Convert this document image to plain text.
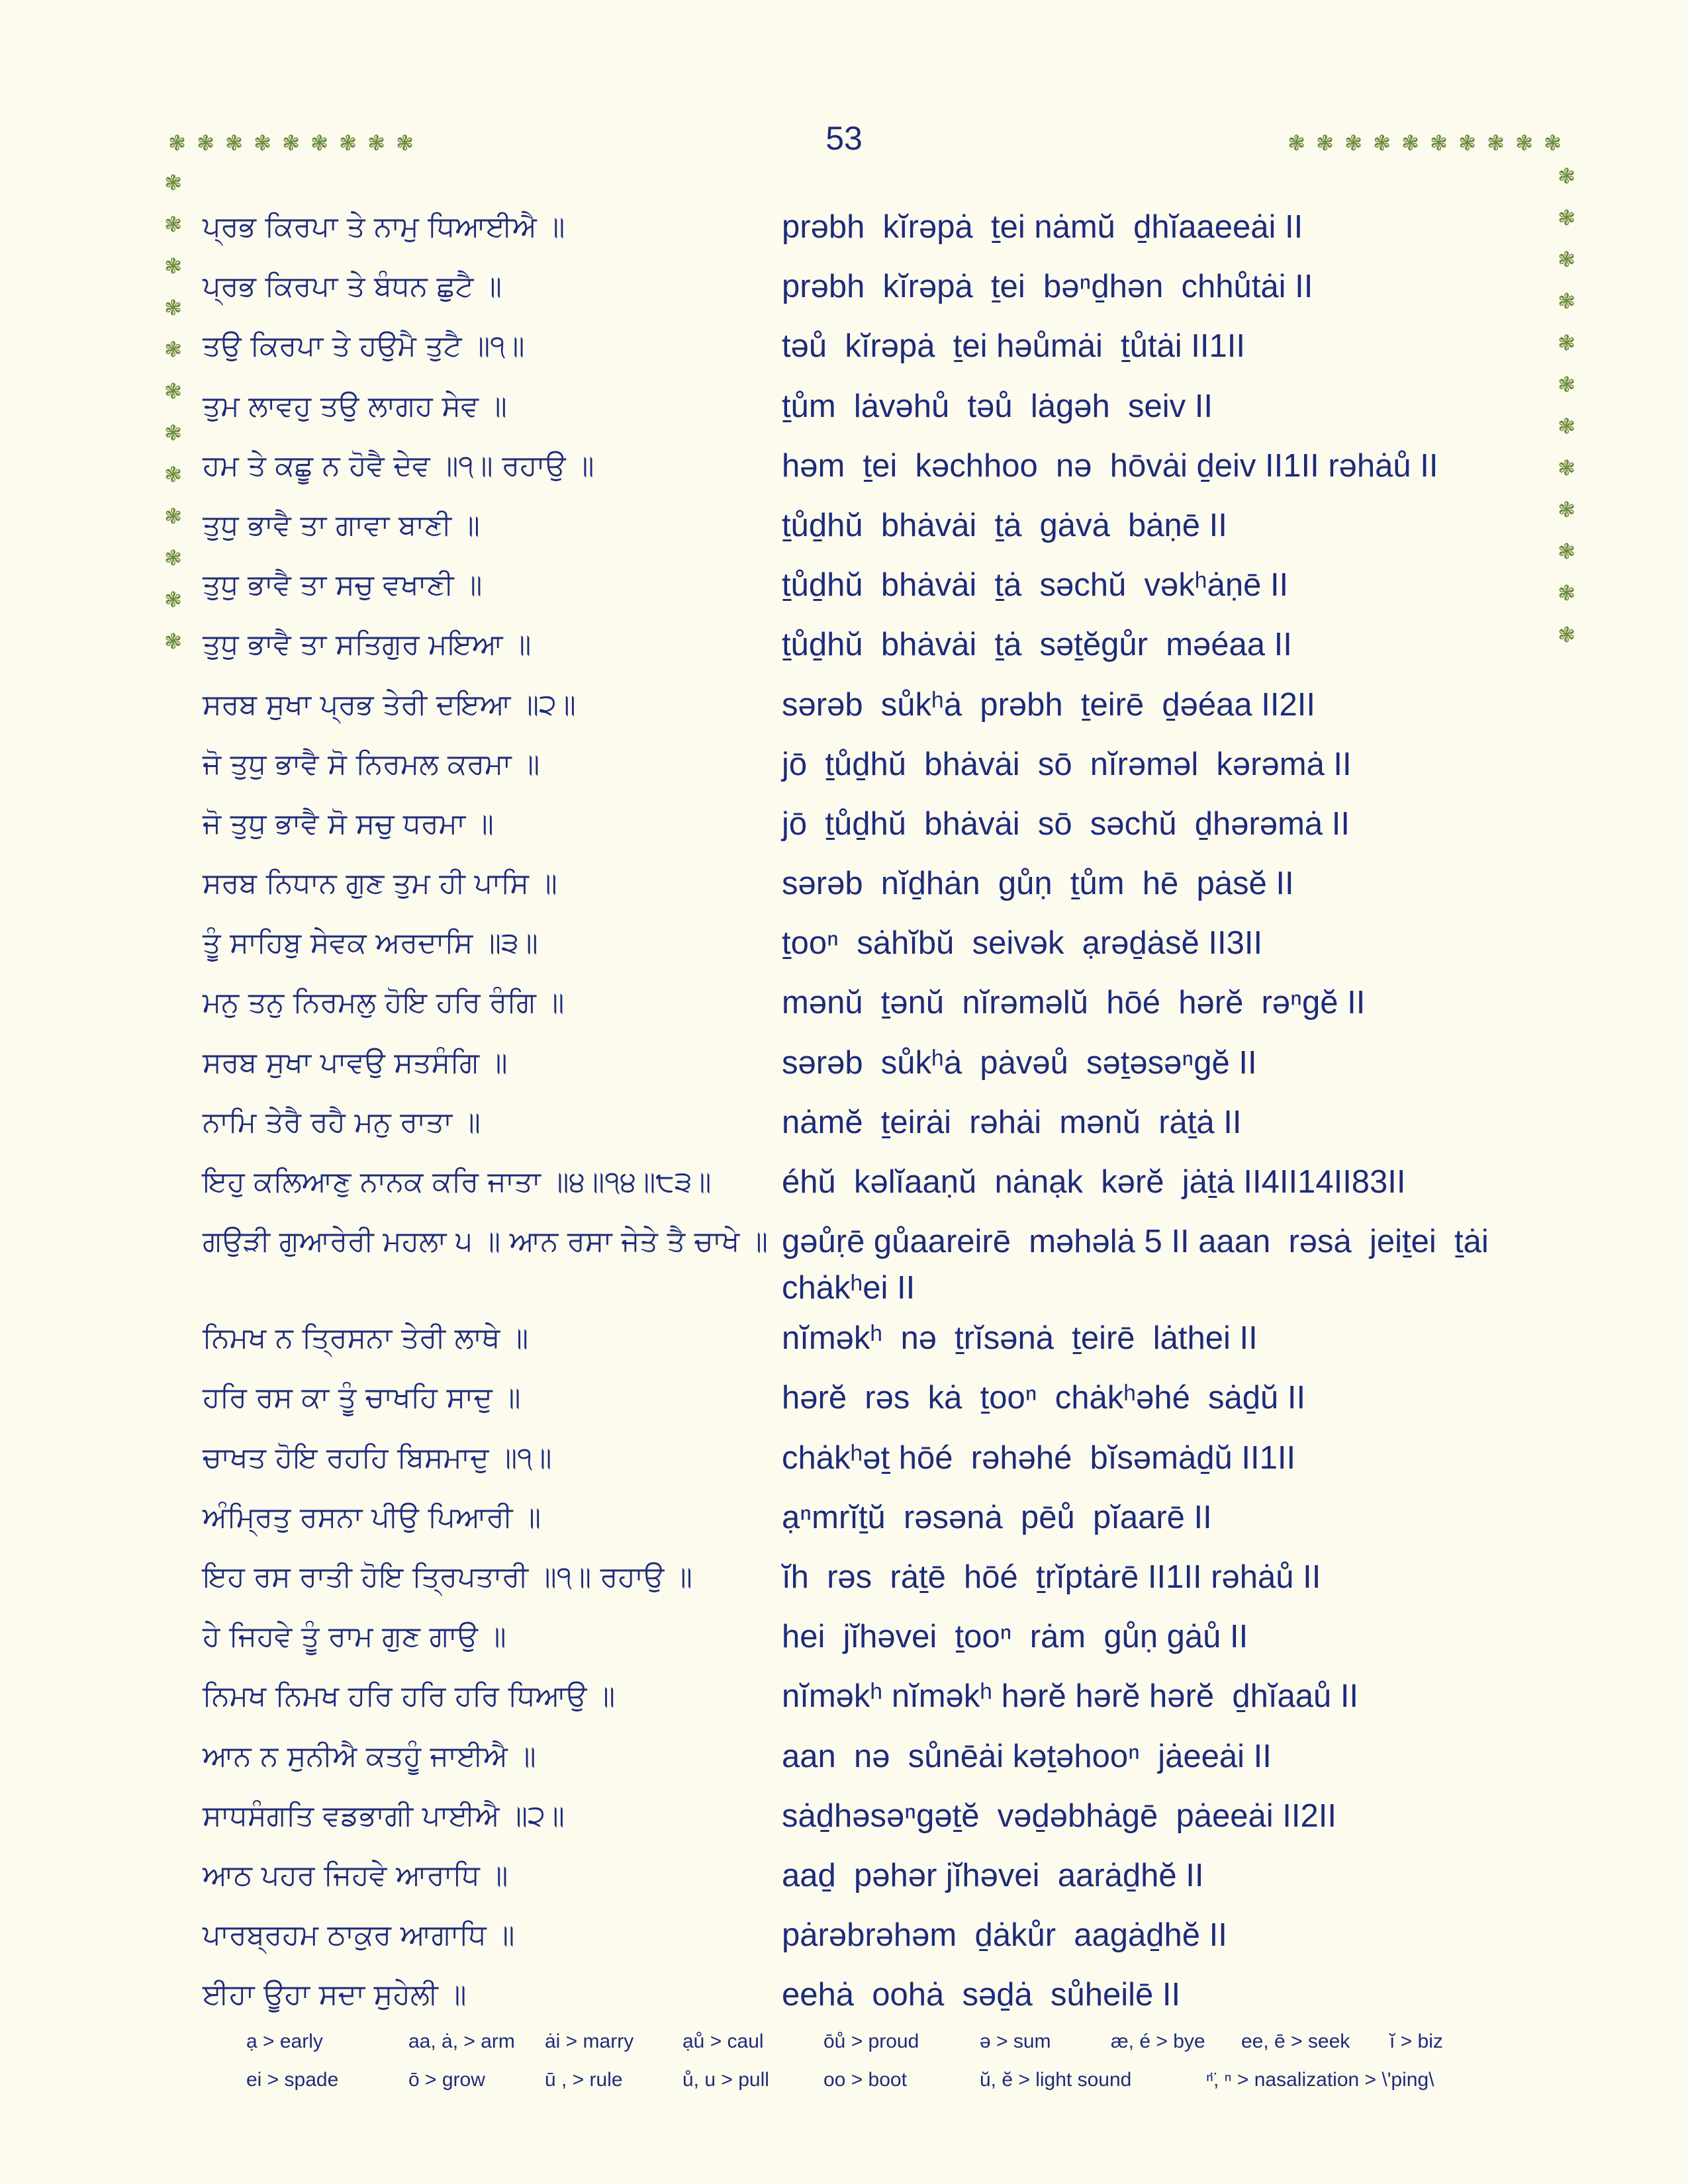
53
❃ ❃ ❃ ❃ ❃ ❃ ❃ ❃ ❃	❃ ❃ ❃ ❃ ❃ ❃ ❃ ❃ ❃ ❃
❃
❃
❃
❃
❃
❃
❃
❃
❃
❃
❃
❃
❃
❃
❃
❃
❃
❃
❃
❃
❃
❃
❃
❃
ਪ੍ਰਭ ਕਿਰਪਾ ਤੇ ਨਾਮੁ ਧਿਆਈਐ ॥	prəbh  kĭrəpȧ  ṯei nȧmŭ  ḏhĭaaeeȧi II
ਪ੍ਰਭ ਕਿਰਪਾ ਤੇ ਬੰਧਨ ਛੁਟੈ ॥	prəbh  kĭrəpȧ  ṯei  bəⁿḏhən  chhůtȧi II
ਤਉ ਕਿਰਪਾ ਤੇ ਹਉਮੈ ਤੁਟੈ ॥੧॥	təů  kĭrəpȧ  ṯei həůmȧi  ṯůtȧi II1II
ਤੁਮ ਲਾਵਹੁ ਤਉ ਲਾਗਹ ਸੇਵ ॥	ṯům  lȧvəhů  təů  lȧgəh  seiv II
ਹਮ ਤੇ ਕਛੂ ਨ ਹੋਵੈ ਦੇਵ ॥੧॥ ਰਹਾਉ ॥	həm  ṯei  kəchhoo  nə  hōvȧi ḏeiv II1II rəhȧů II
ਤੁਧੁ ਭਾਵੈ ਤਾ ਗਾਵਾ ਬਾਣੀ ॥	ṯůḏhŭ  bhȧvȧi  ṯȧ  gȧvȧ  bȧṇē II
ਤੁਧੁ ਭਾਵੈ ਤਾ ਸਚੁ ਵਖਾਣੀ ॥	ṯůḏhŭ  bhȧvȧi  ṯȧ  səchŭ  vəkʰȧṇē II
ਤੁਧੁ ਭਾਵੈ ਤਾ ਸਤਿਗੁਰ ਮਇਆ ॥	ṯůḏhŭ  bhȧvȧi  ṯȧ  səṯĕgůr  məéaa II
ਸਰਬ ਸੁਖਾ ਪ੍ਰਭ ਤੇਰੀ ਦਇਆ ॥੨॥	sərəb  sůkʰȧ  prəbh  ṯeirē  ḏəéaa II2II
ਜੋ ਤੁਧੁ ਭਾਵੈ ਸੋ ਨਿਰਮਲ ਕਰਮਾ ॥	jō  ṯůḏhŭ  bhȧvȧi  sō  nĭrəməl  kərəmȧ II
ਜੋ ਤੁਧੁ ਭਾਵੈ ਸੋ ਸਚੁ ਧਰਮਾ ॥	jō  ṯůḏhŭ  bhȧvȧi  sō  səchŭ  ḏhərəmȧ II
ਸਰਬ ਨਿਧਾਨ ਗੁਣ ਤੁਮ ਹੀ ਪਾਸਿ ॥	sərəb  nĭḏhȧn  gůṇ  ṯům  hē  pȧsĕ II
ਤੂੰ ਸਾਹਿਬੁ ਸੇਵਕ ਅਰਦਾਸਿ ॥੩॥	ṯooⁿ  sȧhĭbŭ  seivək  ạrəḏȧsĕ II3II
ਮਨੁ ਤਨੁ ਨਿਰਮਲੁ ਹੋਇ ਹਰਿ ਰੰਗਿ ॥	mənŭ  ṯənŭ  nĭrəməlŭ  hōé  hərĕ  rəⁿgĕ II
ਸਰਬ ਸੁਖਾ ਪਾਵਉ ਸਤਸੰਗਿ ॥	sərəb  sůkʰȧ  pȧvəů  səṯəsəⁿgĕ II
ਨਾਮਿ ਤੇਰੈ ਰਹੈ ਮਨੁ ਰਾਤਾ ॥	nȧmĕ  ṯeirȧi  rəhȧi  mənŭ  rȧṯȧ II
ਇਹੁ ਕਲਿਆਣੁ ਨਾਨਕ ਕਰਿ ਜਾਤਾ ॥੪॥੧੪॥੮੩॥	éhŭ  kəlĭaaṇŭ  nȧnạk  kərĕ  jȧṯȧ II4II14II83II
ਗਉੜੀ ਗੁਆਰੇਰੀ ਮਹਲਾ ੫ ॥ ਆਨ ਰਸਾ ਜੇਤੇ ਤੈ ਚਾਖੇ ॥ gəůṛē gůaareirē  məhəlȧ 5 II aaan  rəsȧ  jeiṯei  ṯȧi chȧkʰei II
ਨਿਮਖ ਨ ਤ੍ਰਿਸਨਾ ਤੇਰੀ ਲਾਥੇ ॥	nĭməkʰ  nə  ṯrĭsənȧ  ṯeirē  lȧthei II
ਹਰਿ ਰਸ ਕਾ ਤੂੰ ਚਾਖਹਿ ਸਾਦੁ ॥	hərĕ  rəs  kȧ  ṯooⁿ  chȧkʰəhé  sȧḏŭ II
ਚਾਖਤ ਹੋਇ ਰਹਹਿ ਬਿਸਮਾਦੁ ॥੧॥	chȧkʰəṯ hōé  rəhəhé  bĭsəmȧḏŭ II1II
ਅੰਮ੍ਰਿਤੁ ਰਸਨਾ ਪੀਉ ਪਿਆਰੀ ॥	ạⁿmrĭṯŭ  rəsənȧ  pēů  pĭaarē II
ਇਹ ਰਸ ਰਾਤੀ ਹੋਇ ਤ੍ਰਿਪਤਾਰੀ ॥੧॥ ਰਹਾਉ ॥	ĭh  rəs  rȧṯē  hōé  ṯrĭptȧrē II1II rəhȧů II
ਹੇ ਜਿਹਵੇ ਤੂੰ ਰਾਮ ਗੁਣ ਗਾਉ ॥	hei  jĭhəvei  ṯooⁿ  rȧm  gůṇ gȧů II
ਨਿਮਖ ਨਿਮਖ ਹਰਿ ਹਰਿ ਹਰਿ ਧਿਆਉ ॥	nĭməkʰ nĭməkʰ hərĕ hərĕ hərĕ  ḏhĭaaů II
ਆਨ ਨ ਸੁਨੀਐ ਕਤਹੂੰ ਜਾਈਐ ॥	aan  nə  sůnēȧi kəṯəhooⁿ  jȧeeȧi II
ਸਾਧਸੰਗਤਿ ਵਡਭਾਗੀ ਪਾਈਐ ॥੨॥	sȧḏhəsəⁿgəṯĕ  vəḏəbhȧgē  pȧeeȧi II2II
ਆਠ ਪਹਰ ਜਿਹਵੇ ਆਰਾਧਿ ॥	aaḏ  pəhər jĭhəvei  aarȧḏhĕ II
ਪਾਰਬ੍ਰਹਮ ਠਾਕੁਰ ਆਗਾਧਿ ॥	pȧrəbrəhəm  ḏȧkůr  aagȧḏhĕ II
ਈਹਾ ਊਹਾ ਸਦਾ ਸੁਹੇਲੀ ॥	eehȧ  oohȧ  səḏȧ  sůheilē II
ạ > early	aa, ȧ, > arm ȧi > marry ạů > caul	ōů > proud	ə > sum	æ, é > bye ee, ē > seek ĭ > biz
ei > spade	ō > grow	ū , > rule	ů, u > pull	oo > boot	ŭ, ĕ > light sound	ⁿ̈, ⁿ > nasalization > \'ping\
